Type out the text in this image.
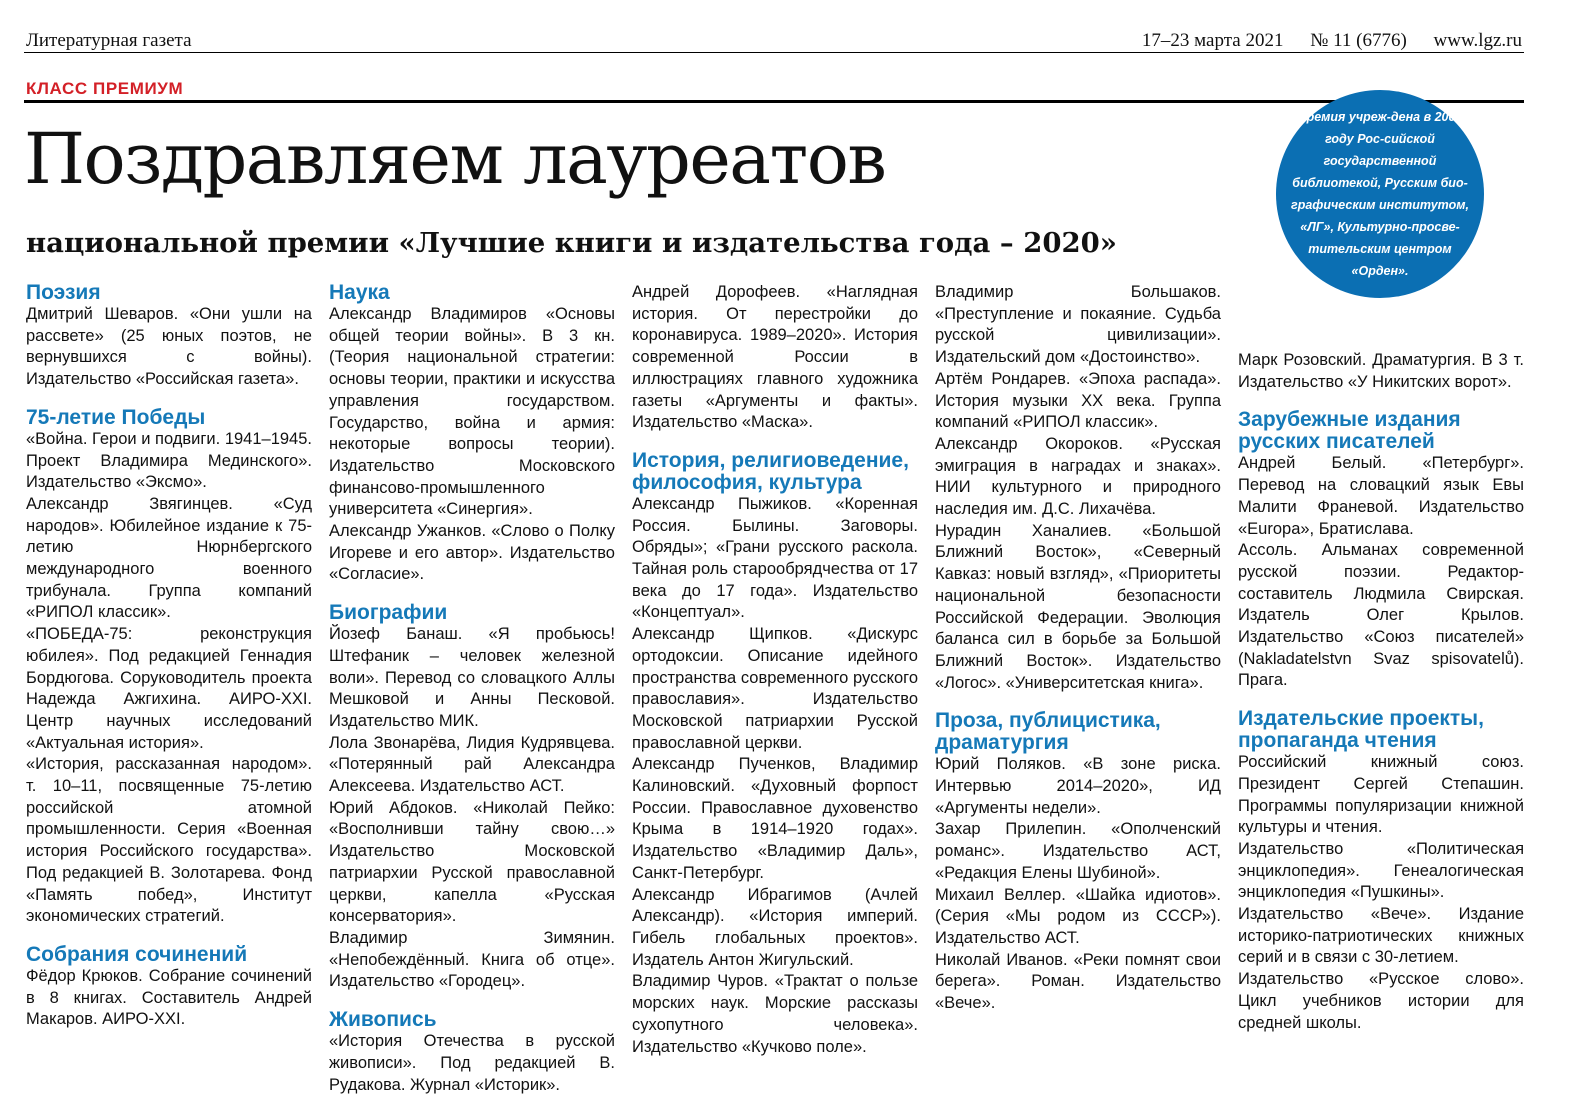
Литературная газета	17–23 марта 2021 № 11 (6776) www.lgz.ru
КЛАСС ПРЕМИУМ
Поздравляем лауреатов
национальной премии «Лучшие книги и издательства года – 2020»

Премия учреж-дена в 2000 году Рос-сийской государственной библиотекой, Русским био-графическим институтом, «ЛГ», Культурно-просве-тительским центром «Орден».

Поэзия

Дмитрий Шеваров. «Они ушли на рассвете» (25 юных поэтов, не вернувшихся с войны). Издательство «Российская газета».

75-летие Победы

«Война. Герои и подвиги. 1941–1945. Проект Владимира Мединского». Издательство «Эксмо».

Александр Звягинцев. «Суд народов». Юбилейное издание к 75-летию Нюрнбергского международного военного трибунала. Группа компаний «РИПОЛ классик».

«ПОБЕДА-75: реконструкция юбилея». Под редакцией Геннадия Бордюгова. Соруководитель проекта Надежда Ажгихина. АИРО-XXI. Центр научных исследований «Актуальная история».

«История, рассказанная народом». т. 10–11, посвященные 75-летию российской атомной промышленности. Серия «Военная история Российского государства». Под редакцией В. Золотарева. Фонд «Память побед», Институт экономических стратегий.

Собрания сочинений

Фёдор Крюков. Собрание сочинений в 8 книгах. Составитель Андрей Макаров. АИРО-XXI.

Наука

Александр Владимиров «Основы общей теории войны». В 3 кн. (Теория национальной стратегии: основы теории, практики и искусства управления государством. Государство, война и армия: некоторые вопросы теории). Издательство Московского финансово-промышленного университета «Синергия».

Александр Ужанков. «Слово о Полку Игореве и его автор». Издательство «Согласие».

Биографии

Йозеф Банаш. «Я пробьюсь! Штефаник – человек железной воли». Перевод со словацкого Аллы Мешковой и Анны Песковой. Издательство МИК.

Лола Звонарёва, Лидия Кудрявцева. «Потерянный рай Александра Алексеева. Издательство АСТ.

Юрий Абдоков. «Николай Пейко: «Восполнивши тайну свою…» Издательство Московской патриархии Русской православной церкви, капелла «Русская консерватория».

Владимир Зимянин. «Непобеждённый. Книга об отце». Издательство «Городец».

Живопись

«История Отечества в русской живописи». Под редакцией В. Рудакова. Журнал «Историк».

Андрей Дорофеев. «Наглядная история. От перестройки до коронавируса. 1989–2020». История современной России в иллюстрациях главного художника газеты «Аргументы и факты». Издательство «Маска».

История, религиоведение, философия, культура

Александр Пыжиков. «Коренная Россия. Былины. Заговоры. Обряды»; «Грани русского раскола. Тайная роль старообрядчества от 17 века до 17 года». Издательство «Концептуал».

Александр Щипков. «Дискурс ортодоксии. Описание идейного пространства современного русского православия». Издательство Московской патриархии Русской православной церкви.

Александр Пученков, Владимир Калиновский. «Духовный форпост России. Православное духовенство Крыма в 1914–1920 годах». Издательство «Владимир Даль», Санкт-Петербург.

Александр Ибрагимов (Ачлей Александр). «История империй. Гибель глобальных проектов». Издатель Антон Жигульский.

Владимир Чуров. «Трактат о пользе морских наук. Морские рассказы сухопутного человека». Издательство «Кучково поле».

Владимир Большаков. «Преступление и покаяние. Судьба русской цивилизации». Издательский дом «Достоинство».

Артём Рондарев. «Эпоха распада». История музыки XX века. Группа компаний «РИПОЛ классик».

Александр Окороков. «Русская эмиграция в наградах и знаках». НИИ культурного и природного наследия им. Д.С. Лихачёва.

Нурадин Ханалиев. «Большой Ближний Восток», «Северный Кавказ: новый взгляд», «Приоритеты национальной безопасности Российской Федерации. Эволюция баланса сил в борьбе за Большой Ближний Восток». Издательство «Логос». «Университетская книга».

Проза, публицистика, драматургия

Юрий Поляков. «В зоне риска. Интервью 2014–2020», ИД «Аргументы недели».

Захар Прилепин. «Ополченский романс». Издательство АСТ, «Редакция Елены Шубиной».

Михаил Веллер. «Шайка идиотов». (Серия «Мы родом из СССР»). Издательство АСТ.

Николай Иванов. «Реки помнят свои берега». Роман. Издательство «Вече».

Марк Розовский. Драматургия. В 3 т. Издательство «У Никитских ворот».

Зарубежные издания русских писателей

Андрей Белый. «Петербург». Перевод на словацкий язык Евы Малити Франевой. Издательство «Europa», Братислава.

Ассоль. Альманах современной русской поэзии. Редактор-составитель Людмила Свирская. Издатель Олег Крылов. Издательство «Союз писателей» (Nakladatelstvn Svaz spisovatelů). Прага.

Издательские проекты, пропаганда чтения

Российский книжный союз. Президент Сергей Степашин. Программы популяризации книжной культуры и чтения.

Издательство «Политическая энциклопедия». Генеалогическая энциклопедия «Пушкины».

Издательство «Вече». Издание историко-патриотических книжных серий и в связи с 30-летием.

Издательство «Русское слово». Цикл учебников истории для средней школы.
